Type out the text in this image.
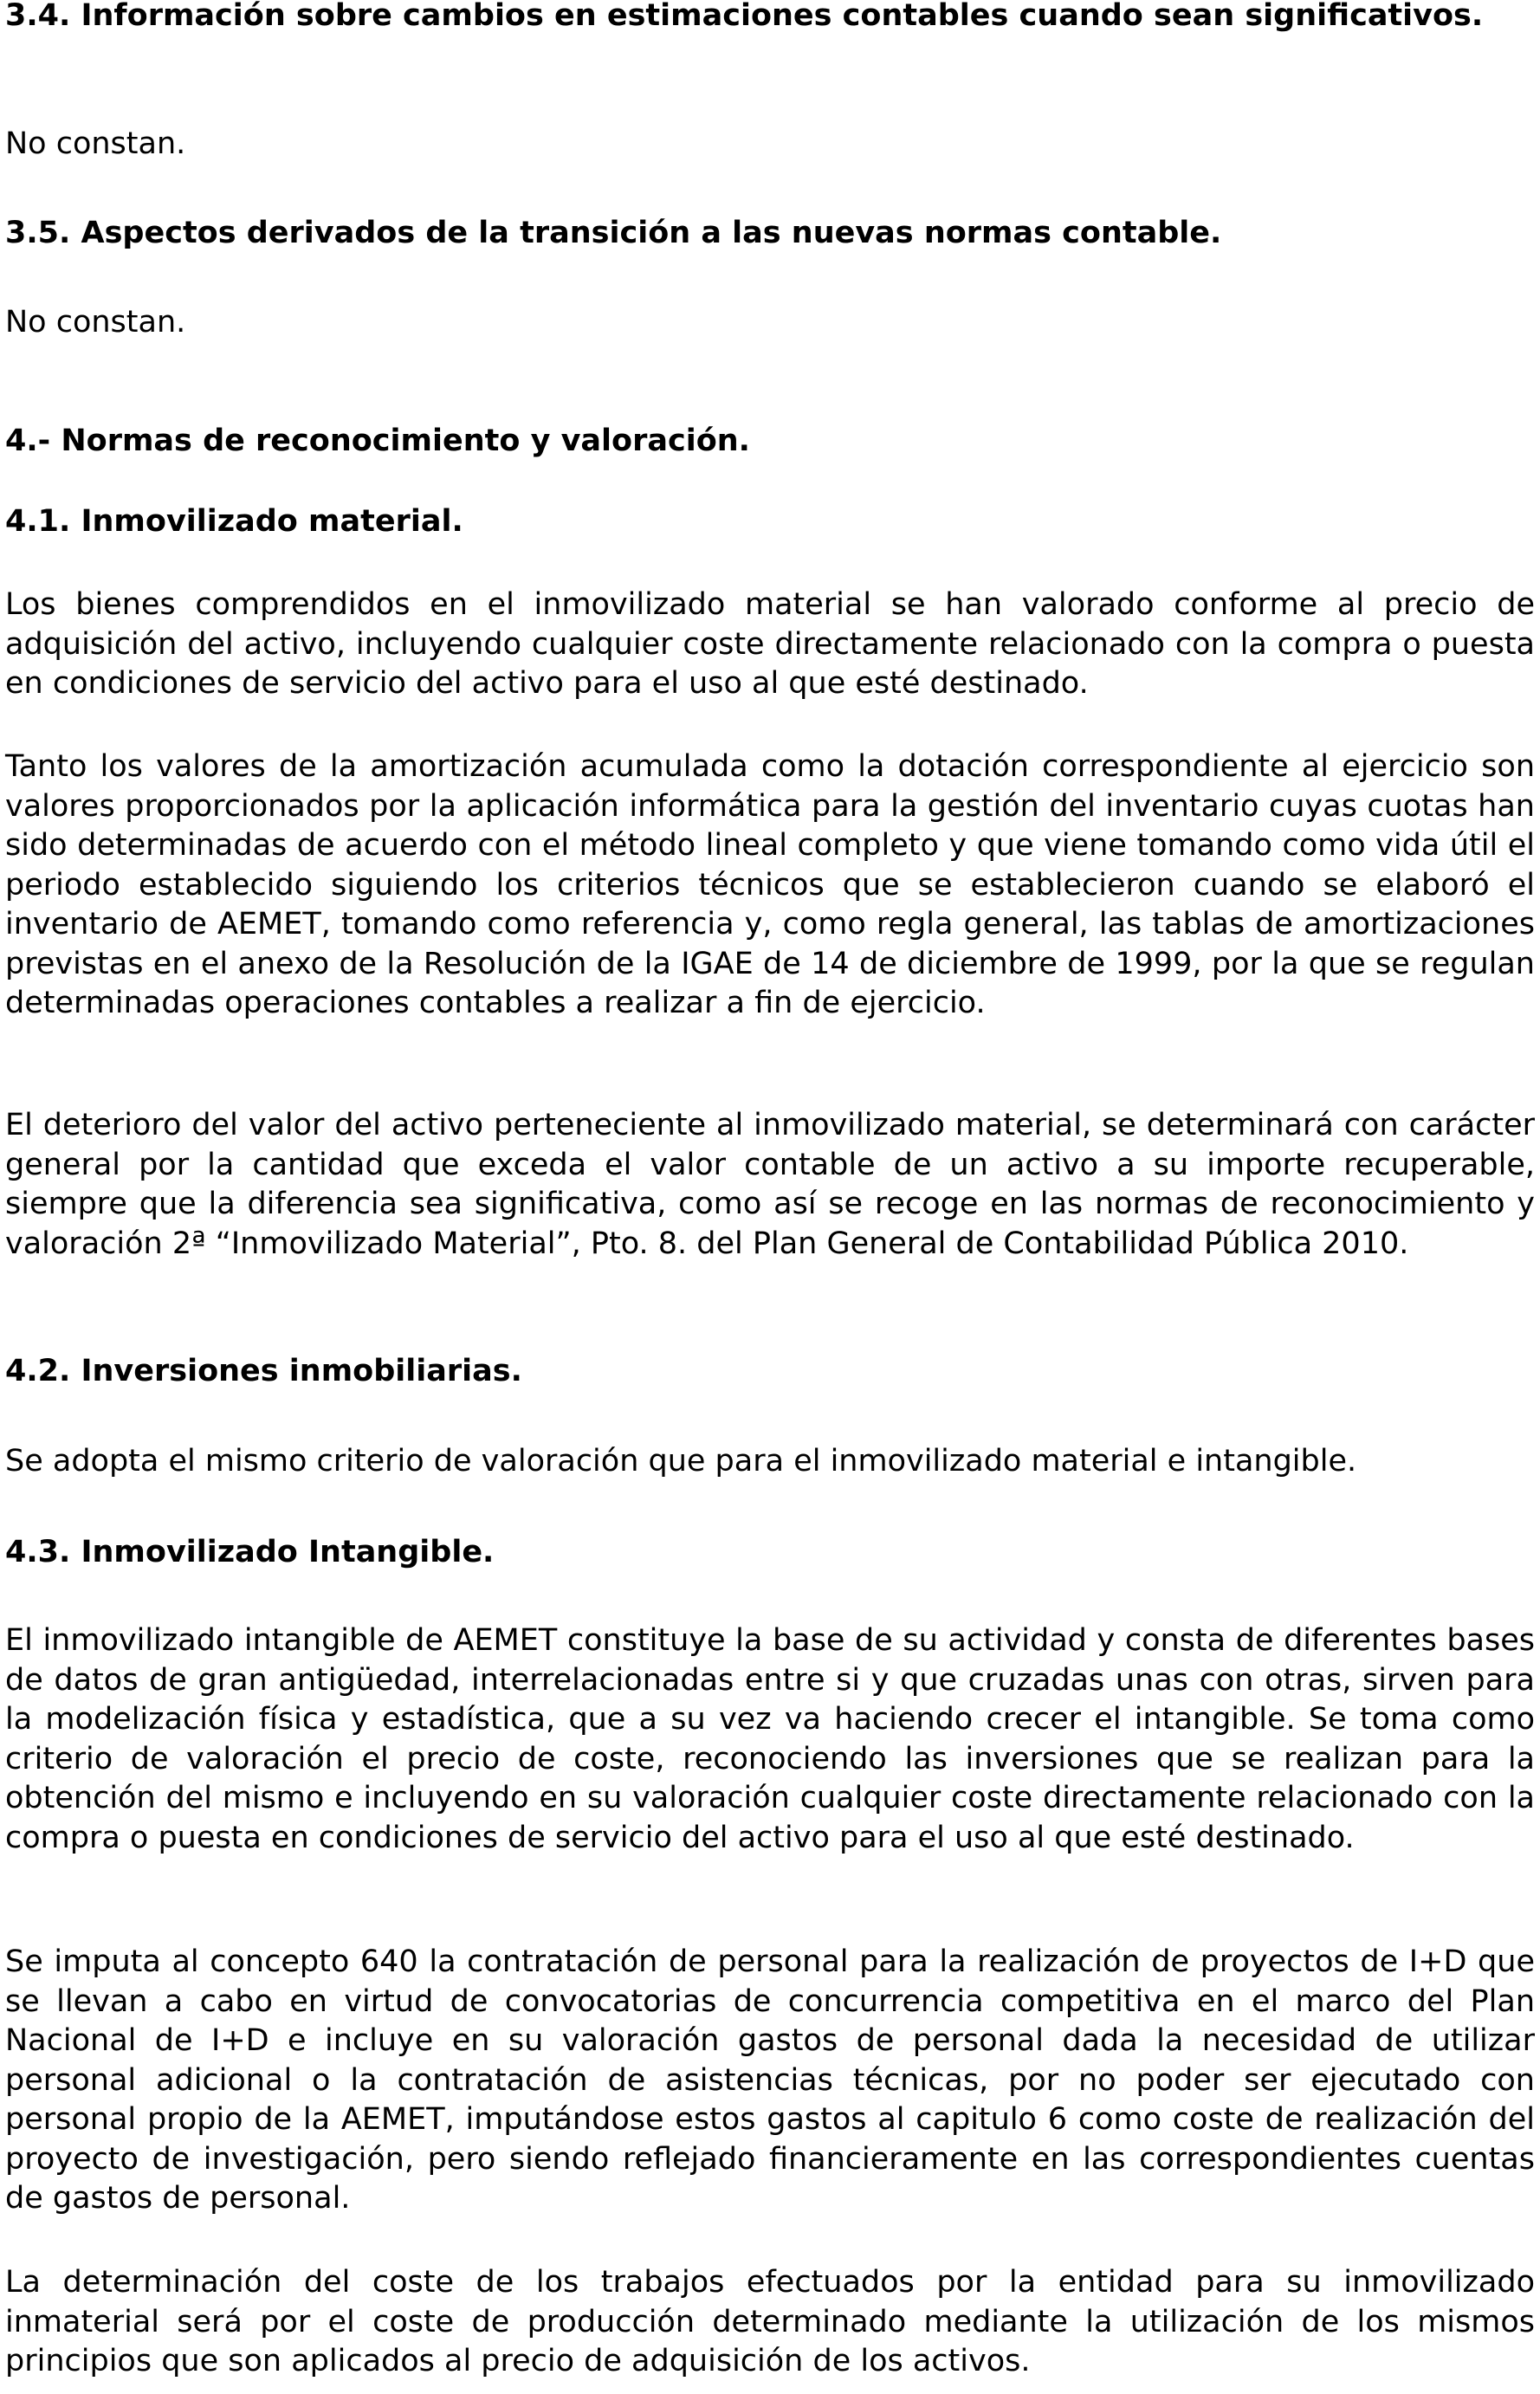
3.4. Información sobre cambios en estimaciones contables cuando sean significativos.

No constan.

3.5. Aspectos derivados de la transición a las nuevas normas contable.

No constan.

4.- Normas de reconocimiento y valoración.

4.1. Inmovilizado material.

Los bienes comprendidos en el inmovilizado material se han valorado conforme al precio de adquisición del activo, incluyendo cualquier coste directamente relacionado con la compra o puesta en condiciones de servicio del activo para el uso al que esté destinado.

Tanto los valores de la amortización acumulada como la dotación correspondiente al ejercicio son valores proporcionados por la aplicación informática para la gestión del inventario cuyas cuotas han sido determinadas de acuerdo con el método lineal completo y que viene tomando como vida útil el periodo establecido siguiendo los criterios técnicos que se establecieron cuando se elaboró el inventario de AEMET, tomando como referencia y, como regla general, las tablas de amortizaciones previstas en el anexo de la Resolución de la IGAE de 14 de diciembre de 1999, por la que se regulan determinadas operaciones contables a realizar a fin de ejercicio.

El deterioro del valor del activo perteneciente al inmovilizado material, se determinará con carácter general por la cantidad que exceda el valor contable de un activo a su importe recuperable, siempre que la diferencia sea significativa, como así se recoge en las normas de reconocimiento y valoración 2ª “Inmovilizado Material”, Pto. 8. del Plan General de Contabilidad Pública 2010.

4.2. Inversiones inmobiliarias.

Se adopta el mismo criterio de valoración que para el inmovilizado material e intangible.

4.3. Inmovilizado Intangible.

El inmovilizado intangible de AEMET constituye la base de su actividad y consta de diferentes bases de datos de gran antigüedad, interrelacionadas entre si y que cruzadas unas con otras, sirven para la modelización física y estadística, que a su vez va haciendo crecer el intangible. Se toma como criterio de valoración el precio de coste, reconociendo las inversiones que se realizan para la obtención del mismo e incluyendo en su valoración cualquier coste directamente relacionado con la compra o puesta en condiciones de servicio del activo para el uso al que esté destinado.

Se imputa al concepto 640 la contratación de personal para la realización de proyectos de I+D que se llevan a cabo en virtud de convocatorias de concurrencia competitiva en el marco del Plan Nacional de I+D e incluye en su valoración gastos de personal dada la necesidad de utilizar personal adicional o la contratación de asistencias técnicas, por no poder ser ejecutado con personal propio de la AEMET, imputándose estos gastos al capitulo 6 como coste de realización del proyecto de investigación, pero siendo reflejado financieramente en las correspondientes cuentas de gastos de personal.

La determinación del coste de los trabajos efectuados por la entidad para su inmovilizado inmaterial será por el coste de producción determinado mediante la utilización de los mismos principios que son aplicados al precio de adquisición de los activos.
